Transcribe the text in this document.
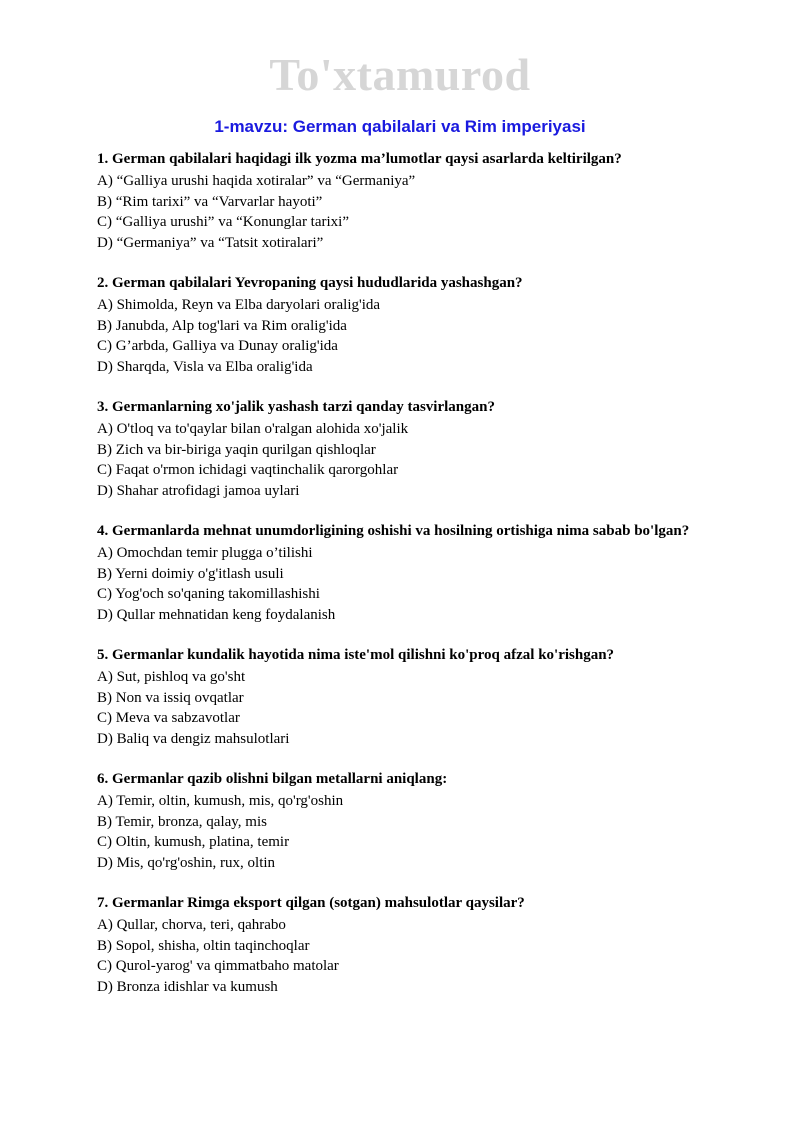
To'xtamurod
1-mavzu: German qabilalari va Rim imperiyasi
1. German qabilalari haqidagi ilk yozma ma’lumotlar qaysi asarlarda keltirilgan?
A) “Galliya urushi haqida xotiralar” va “Germaniya”
B) “Rim tarixi” va “Varvarlar hayoti”
C) “Galliya urushi” va “Konunglar tarixi”
D) “Germaniya” va “Tatsit xotiralari”
2. German qabilalari Yevropaning qaysi hududlarida yashashgan?
A) Shimolda, Reyn va Elba daryolari oralig'ida
B) Janubda, Alp tog'lari va Rim oralig'ida
C) G’arbda, Galliya va Dunay oralig'ida
D) Sharqda, Visla va Elba oralig'ida
3. Germanlarning xo'jalik yashash tarzi qanday tasvirlangan?
A) O'tloq va to'qaylar bilan o'ralgan alohida xo'jalik
B) Zich va bir-biriga yaqin qurilgan qishloqlar
C) Faqat o'rmon ichidagi vaqtinchalik qarorgohlar
D) Shahar atrofidagi jamoa uylari
4. Germanlarda mehnat unumdorligining oshishi va hosilning ortishiga nima sabab bo'lgan?
A) Omochdan temir plugga o’tilishi
B) Yerni doimiy o'g'itlash usuli
C) Yog'och so'qaning takomillashishi
D) Qullar mehnatidan keng foydalanish
5. Germanlar kundalik hayotida nima iste'mol qilishni ko'proq afzal ko'rishgan?
A) Sut, pishloq va go'sht
B) Non va issiq ovqatlar
C) Meva va sabzavotlar
D) Baliq va dengiz mahsulotlari
6. Germanlar qazib olishni bilgan metallarni aniqlang:
A) Temir, oltin, kumush, mis, qo'rg'oshin
B) Temir, bronza, qalay, mis
C) Oltin, kumush, platina, temir
D) Mis, qo'rg'oshin, rux, oltin
7. Germanlar Rimga eksport qilgan (sotgan) mahsulotlar qaysilar?
A) Qullar, chorva, teri, qahrabo
B) Sopol, shisha, oltin taqinchoqlar
C) Qurol-yarog' va qimmatbaho matolar
D) Bronza idishlar va kumush
